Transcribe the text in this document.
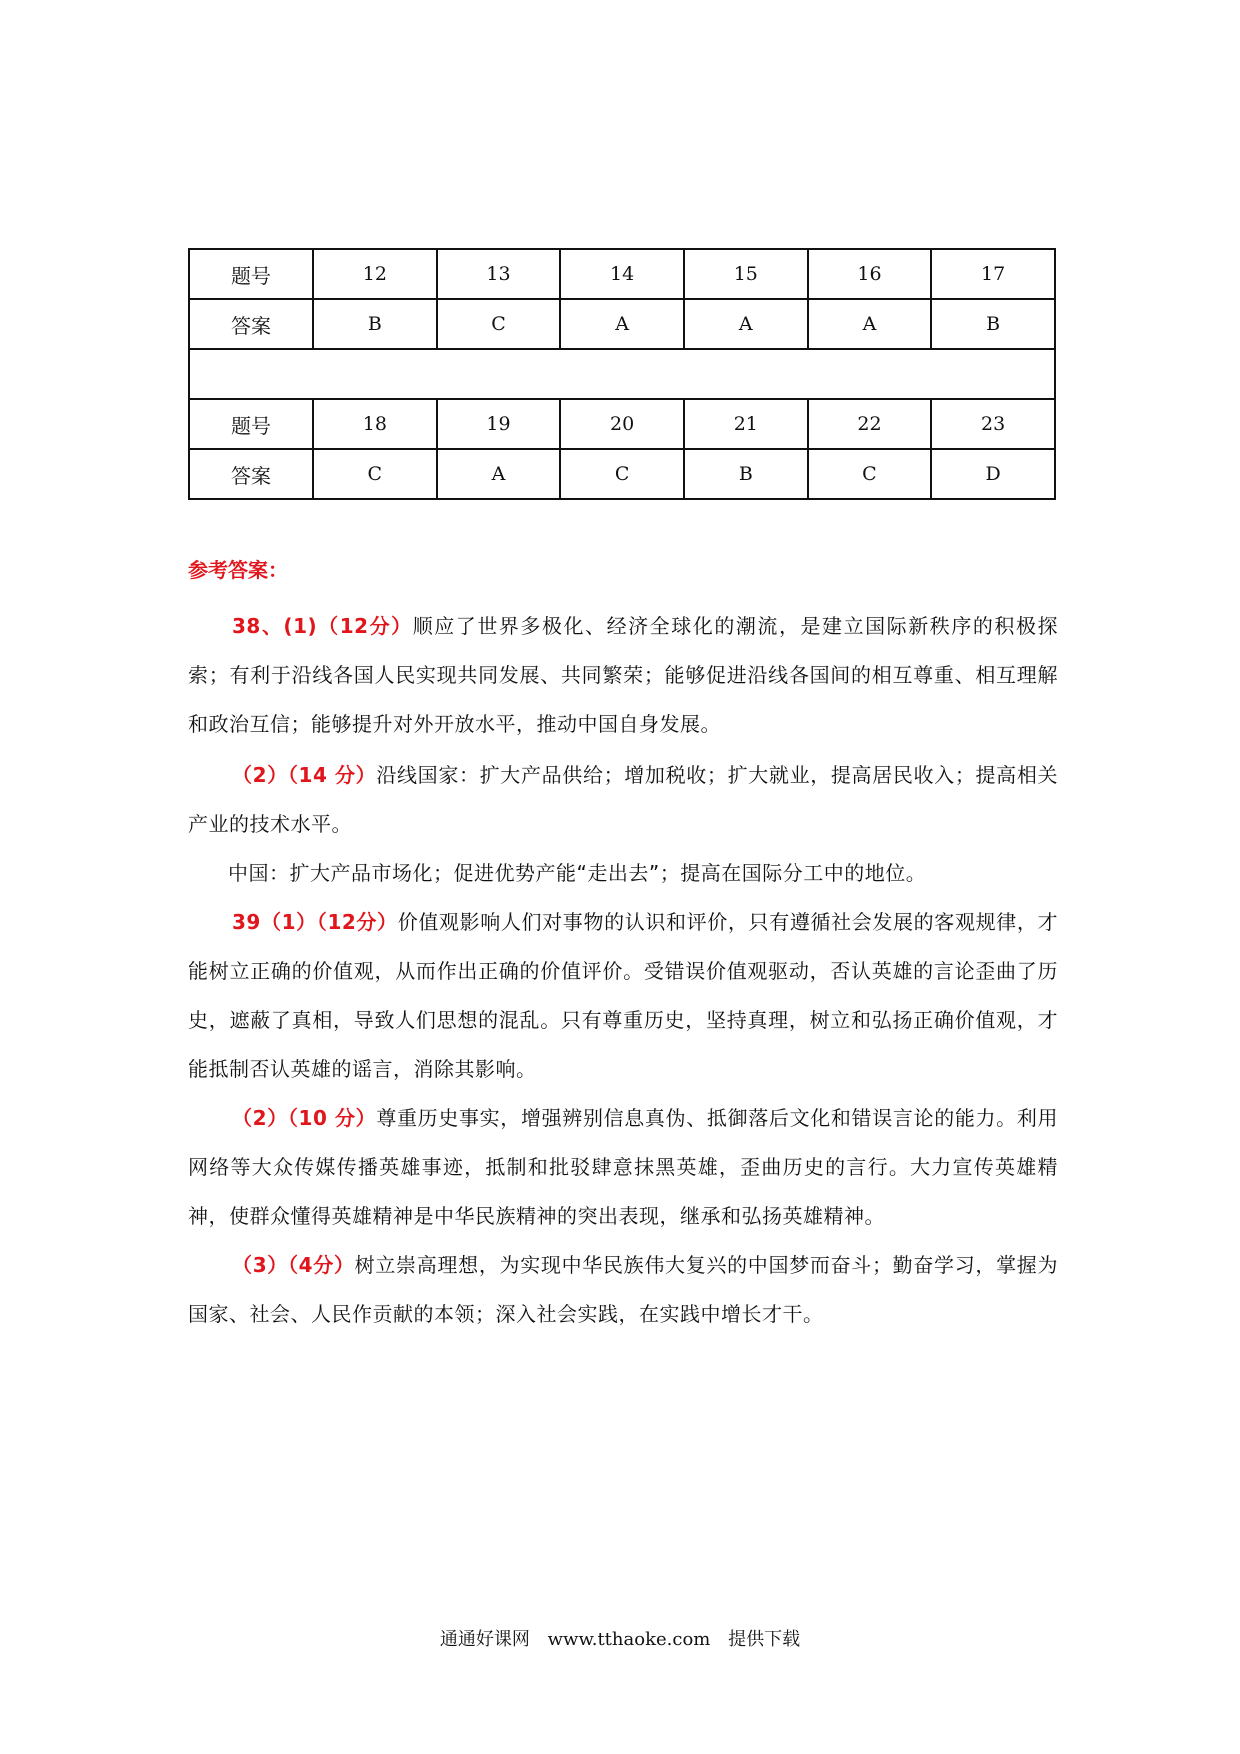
题号	12	13	14	15	16	17
答案	B	C	A	A	A	B

题号	18	19	20	21	22	23
答案	C	A	C	B	C	D
参考答案：

38、(1)（12分）顺应了世界多极化、经济全球化的潮流，是建立国际新秩序的积极探索；有利于沿线各国人民实现共同发展、共同繁荣；能够促进沿线各国间的相互尊重、相互理解和政治互信；能够提升对外开放水平，推动中国自身发展。

（2）（14 分）沿线国家：扩大产品供给；增加税收；扩大就业，提高居民收入；提高相关产业的技术水平。

中国：扩大产品市场化；促进优势产能“走出去”；提高在国际分工中的地位。

39（1）（12分）价值观影响人们对事物的认识和评价，只有遵循社会发展的客观规律，才能树立正确的价值观，从而作出正确的价值评价。受错误价值观驱动，否认英雄的言论歪曲了历史，遮蔽了真相，导致人们思想的混乱。只有尊重历史，坚持真理，树立和弘扬正确价值观，才能抵制否认英雄的谣言，消除其影响。

（2）（10 分）尊重历史事实，增强辨别信息真伪、抵御落后文化和错误言论的能力。利用网络等大众传媒传播英雄事迹，抵制和批驳肆意抹黑英雄，歪曲历史的言行。大力宣传英雄精神，使群众懂得英雄精神是中华民族精神的突出表现，继承和弘扬英雄精神。

（3）（4分）树立崇高理想，为实现中华民族伟大复兴的中国梦而奋斗；勤奋学习，掌握为国家、社会、人民作贡献的本领；深入社会实践，在实践中增长才干。

通通好课网 www.tthaoke.com 提供下载
